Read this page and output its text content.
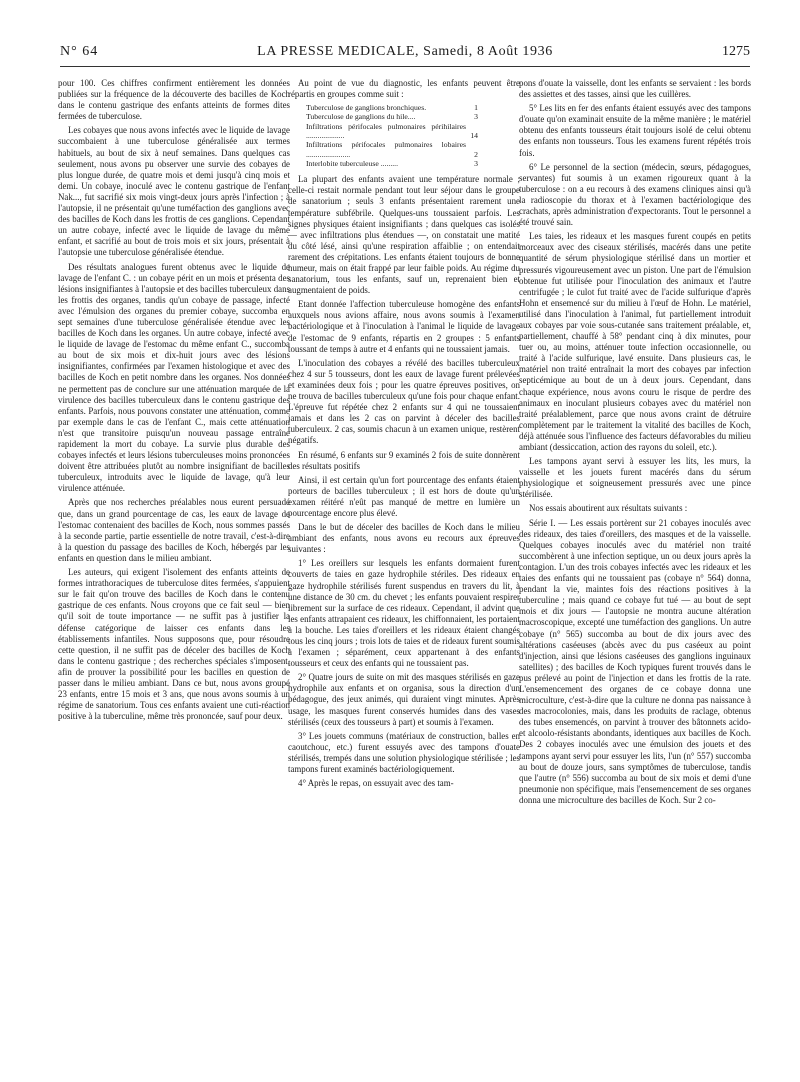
N° 64	LA PRESSE MEDICALE, Samedi, 8 Août 1936	1275

pour 100. Ces chiffres confirment entièrement les données publiées sur la fréquence de la découverte des bacilles de Koch dans le contenu gastrique des enfants atteints de formes dites fermées de tuberculose.

Les cobayes que nous avons infectés avec le liquide de lavage succombaient à une tuberculose généralisée aux termes habituels, au bout de six à neuf semaines. Dans quelques cas seulement, nous avons pu observer une survie des cobayes de plus longue durée, de quatre mois et demi jusqu'à cinq mois et demi. Un cobaye, inoculé avec le contenu gastrique de l'enfant Nak..., fut sacrifié six mois vingt-deux jours après l'infection ; à l'autopsie, il ne présentait qu'une tuméfaction des ganglions avec des bacilles de Koch dans les frottis de ces ganglions. Cependant un autre cobaye, infecté avec le liquide de lavage du même enfant, et sacrifié au bout de trois mois et six jours, présentait à l'autopsie une tuberculose généralisée étendue.

Des résultats analogues furent obtenus avec le liquide de lavage de l'enfant C. : un cobaye périt en un mois et présenta des lésions insignifiantes à l'autopsie et des bacilles tuberculeux dans les frottis des organes, tandis qu'un cobaye de passage, infecté avec l'émulsion des organes du premier cobaye, succomba en sept semaines d'une tuberculose généralisée étendue avec les bacilles de Koch dans les organes. Un autre cobaye, infecté avec le liquide de lavage de l'estomac du même enfant C., succomba au bout de six mois et dix-huit jours avec des lésions insignifiantes, confirmées par l'examen histologique et avec des bacilles de Koch en petit nombre dans les organes. Nos données ne permettent pas de conclure sur une atténuation marquée de la virulence des bacilles tuberculeux dans le contenu gastrique des enfants. Parfois, nous pouvons constater une atténuation, comme par exemple dans le cas de l'enfant C., mais cette atténuation n'est que transitoire puisqu'un nouveau passage entraîne rapidement la mort du cobaye. La survie plus durable des cobayes infectés et leurs lésions tuberculeuses moins prononcées doivent être attribuées plutôt au nombre insignifiant de bacilles tuberculeux, introduits avec le liquide de lavage, qu'à leur virulence atténuée.

Après que nos recherches préalables nous eurent persuadé que, dans un grand pourcentage de cas, les eaux de lavage de l'estomac contenaient des bacilles de Koch, nous sommes passés à la seconde partie, partie essentielle de notre travail, c'est-à-dire à la question du passage des bacilles de Koch, hébergés par les enfants en question dans le milieu ambiant.

Les auteurs, qui exigent l'isolement des enfants atteints de formes intrathoraciques de tuberculose dites fermées, s'appuient sur le fait qu'on trouve des bacilles de Koch dans le contenu gastrique de ces enfants. Nous croyons que ce fait seul — bien qu'il soit de toute importance — ne suffit pas à justifier la défense catégorique de laisser ces enfants dans les établissements infantiles. Nous supposons que, pour résoudre cette question, il ne suffit pas de déceler des bacilles de Koch dans le contenu gastrique ; des recherches spéciales s'imposent, afin de prouver la possibilité pour les bacilles en question de passer dans le milieu ambiant. Dans ce but, nous avons groupé 23 enfants, entre 15 mois et 3 ans, que nous avons soumis à un régime de sanatorium. Tous ces enfants avaient une cuti-réaction positive à la tuberculine, même très prononcée, sauf pour deux.

Au point de vue du diagnostic, les enfants peuvent être répartis en groupes comme suit :

Tuberculose de ganglions bronchiques.	1
Tuberculose de ganglions du hile....	3
Infiltrations périfocales pulmonaires périhilaires ....................	14
Infiltrations périfocales pulmonaires lobaires .......................	2
Interlobite tuberculeuse .........	3

La plupart des enfants avaient une température normale ; celle-ci restait normale pendant tout leur séjour dans le groupe de sanatorium ; seuls 3 enfants présentaient rarement une température subfébrile. Quelques-uns toussaient parfois. Les signes physiques étaient insignifiants ; dans quelques cas isolés — avec infiltrations plus étendues —, on constatait une matité du côté lésé, ainsi qu'une respiration affaiblie ; on entendait rarement des crépitations. Les enfants étaient toujours de bonne humeur, mais on était frappé par leur faible poids. Au régime du sanatorium, tous les enfants, sauf un, reprenaient bien et augmentaient de poids.

Etant donnée l'affection tuberculeuse homogène des enfants auxquels nous avions affaire, nous avons soumis à l'examen bactériologique et à l'inoculation à l'animal le liquide de lavage de l'estomac de 9 enfants, répartis en 2 groupes : 5 enfants toussant de temps à autre et 4 enfants qui ne toussaient jamais.

L'inoculation des cobayes a révélé des bacilles tuberculeux chez 4 sur 5 tousseurs, dont les eaux de lavage furent prélevées et examinées deux fois ; pour les quatre épreuves positives, on ne trouva de bacilles tuberculeux qu'une fois pour chaque enfant. L'épreuve fut répétée chez 2 enfants sur 4 qui ne toussaient jamais et dans les 2 cas on parvint à déceler des bacilles tuberculeux. 2 cas, soumis chacun à un examen unique, restèrent négatifs.

En résumé, 6 enfants sur 9 examinés 2 fois de suite donnèrent des résultats positifs

Ainsi, il est certain qu'un fort pourcentage des enfants étaient porteurs de bacilles tuberculeux ; il est hors de doute qu'un examen réitéré n'eût pas manqué de mettre en lumière un pourcentage encore plus élevé.

Dans le but de déceler des bacilles de Koch dans le milieu ambiant des enfants, nous avons eu recours aux épreuves suivantes :

1° Les oreillers sur lesquels les enfants dormaient furent couverts de taies en gaze hydrophile stériles. Des rideaux en gaze hydrophile stérilisés furent suspendus en travers du lit, à une distance de 30 cm. du chevet ; les enfants pouvaient respirer librement sur la surface de ces rideaux. Cependant, il advint que les enfants attrapaient ces rideaux, les chiffonnaient, les portaient à la bouche. Les taies d'oreillers et les rideaux étaient changés tous les cinq jours ; trois lots de taies et de rideaux furent soumis à l'examen ; séparément, ceux appartenant à des enfants tousseurs et ceux des enfants qui ne toussaient pas.

2° Quatre jours de suite on mit des masques stérilisés en gaze hydrophile aux enfants et on organisa, sous la direction d'un pédagogue, des jeux animés, qui duraient vingt minutes. Après usage, les masques furent conservés humides dans des vases stérilisés (ceux des tousseurs à part) et soumis à l'examen.

3° Les jouets communs (matériaux de construction, balles en caoutchouc, etc.) furent essuyés avec des tampons d'ouate stérilisés, trempés dans une solution physiologique stérilisée ; les tampons furent examinés bactériologiquement.

4° Après le repas, on essuyait avec des tam-

pons d'ouate la vaisselle, dont les enfants se servaient : les bords des assiettes et des tasses, ainsi que les cuillères.

5° Les lits en fer des enfants étaient essuyés avec des tampons d'ouate qu'on examinait ensuite de la même manière ; le matériel obtenu des enfants tousseurs était toujours isolé de celui obtenu des enfants non tousseurs. Tous les examens furent répétés trois fois.

6° Le personnel de la section (médecin, sœurs, pédagogues, servantes) fut soumis à un examen rigoureux quant à la tuberculose : on a eu recours à des examens cliniques ainsi qu'à la radioscopie du thorax et à l'examen bactériologique des crachats, après administration d'expectorants. Tout le personnel a été trouvé sain.

Les taies, les rideaux et les masques furent coupés en petits morceaux avec des ciseaux stérilisés, macérés dans une petite quantité de sérum physiologique stérilisé dans un mortier et pressurés vigoureusement avec un piston. Une part de l'émulsion obtenue fut utilisée pour l'inoculation des animaux et l'autre centrifugée ; le culot fut traité avec de l'acide sulfurique d'après Hohn et ensemencé sur du milieu à l'œuf de Hohn. Le matériel, utilisé dans l'inoculation à l'animal, fut partiellement introduit aux cobayes par voie sous-cutanée sans traitement préalable, et, partiellement, chauffé à 58° pendant cinq à dix minutes, pour tuer ou, au moins, atténuer toute infection occasionnelle, ou traité à l'acide sulfurique, lavé ensuite. Dans plusieurs cas, le matériel non traité entraînait la mort des cobayes par infection septicémique au bout de un à deux jours. Cependant, dans chaque expérience, nous avons couru le risque de perdre des animaux en inoculant plusieurs cobayes avec du matériel non traité préalablement, parce que nous avons craint de détruire complètement par le traitement la vitalité des bacilles de Koch, déjà atténuée sous l'influence des facteurs défavorables du milieu ambiant (dessiccation, action des rayons du soleil, etc.).

Les tampons ayant servi à essuyer les lits, les murs, la vaisselle et les jouets furent macérés dans du sérum physiologique et soigneusement pressurés avec une pince stérilisée.

Nos essais aboutirent aux résultats suivants :

Série I. — Les essais portèrent sur 21 cobayes inoculés avec des rideaux, des taies d'oreillers, des masques et de la vaisselle. Quelques cobayes inoculés avec du matériel non traité succombèrent à une infection septique, un ou deux jours après la contagion. L'un des trois cobayes infectés avec les rideaux et les taies des enfants qui ne toussaient pas (cobaye n° 564) donna, pendant la vie, maintes fois des réactions positives à la tuberculine ; mais quand ce cobaye fut tué — au bout de sept mois et dix jours — l'autopsie ne montra aucune altération macroscopique, excepté une tuméfaction des ganglions. Un autre cobaye (n° 565) succomba au bout de dix jours avec des altérations caséeuses (abcès avec du pus caséeux au point d'injection, ainsi que lésions caséeuses des ganglions inguinaux satellites) ; des bacilles de Koch typiques furent trouvés dans le pus prélevé au point de l'injection et dans les frottis de la rate. L'ensemencement des organes de ce cobaye donna une microculture, c'est-à-dire que la culture ne donna pas naissance à des macrocolonies, mais, dans les produits de raclage, obtenus des tubes ensemencés, on parvint à trouver des bâtonnets acido- et alcoolo-résistants abondants, identiques aux bacilles de Koch. Des 2 cobayes inoculés avec une émulsion des jouets et des tampons ayant servi pour essuyer les lits, l'un (n° 557) succomba au bout de douze jours, sans symptômes de tuberculose, tandis que l'autre (n° 556) succomba au bout de six mois et demi d'une pneumonie non spécifique, mais l'ensemencement de ses organes donna une microculture des bacilles de Koch. Sur 2 co-
